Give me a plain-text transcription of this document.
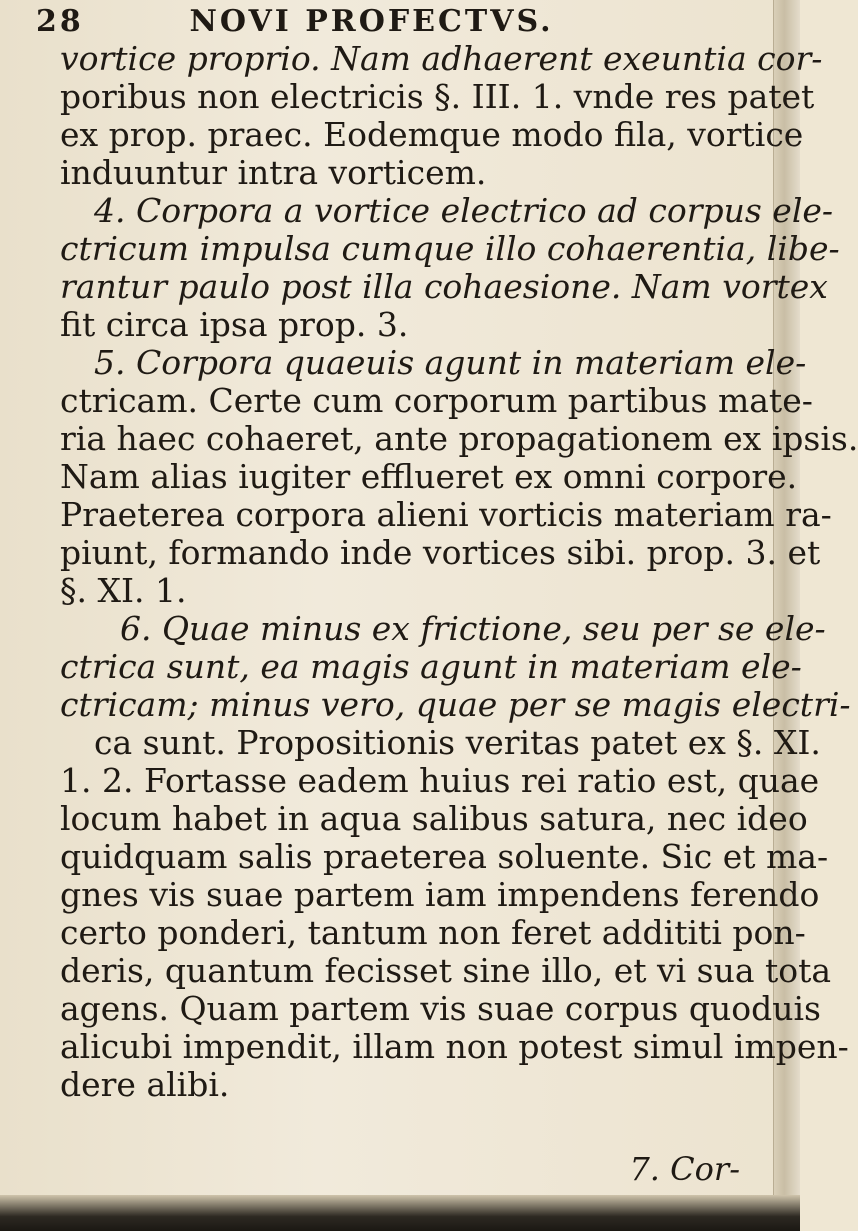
28	NOVI PROFECTVS.
vortice proprio. Nam adhaerent exeuntia cor-
poribus non electricis §. III. 1. vnde res patet
ex prop. praec. Eodemque modo fila, vortice
induuntur intra vorticem.
4. Corpora a vortice electrico ad corpus ele-
ctricum impulsa cumque illo cohaerentia, libe-
rantur paulo post illa cohaesione. Nam vortex
fit circa ipsa prop. 3.
5. Corpora quaeuis agunt in materiam ele-
ctricam. Certe cum corporum partibus mate-
ria haec cohaeret, ante propagationem ex ipsis.
Nam alias iugiter efflueret ex omni corpore.
Praeterea corpora alieni vorticis materiam ra-
piunt, formando inde vortices sibi. prop. 3. et
§. XI. 1.
6. Quae minus ex frictione, seu per se ele-
ctrica sunt, ea magis agunt in materiam ele-
ctricam; minus vero, quae per se magis electri-
ca sunt. Propositionis veritas patet ex §. XI.
1. 2. Fortasse eadem huius rei ratio est, quae
locum habet in aqua salibus satura, nec ideo
quidquam salis praeterea soluente. Sic et ma-
gnes vis suae partem iam impendens ferendo
certo ponderi, tantum non feret addititi pon-
deris, quantum fecisset sine illo, et vi sua tota
agens. Quam partem vis suae corpus quoduis
alicubi impendit, illam non potest simul impen-
dere alibi.
7. Cor-
